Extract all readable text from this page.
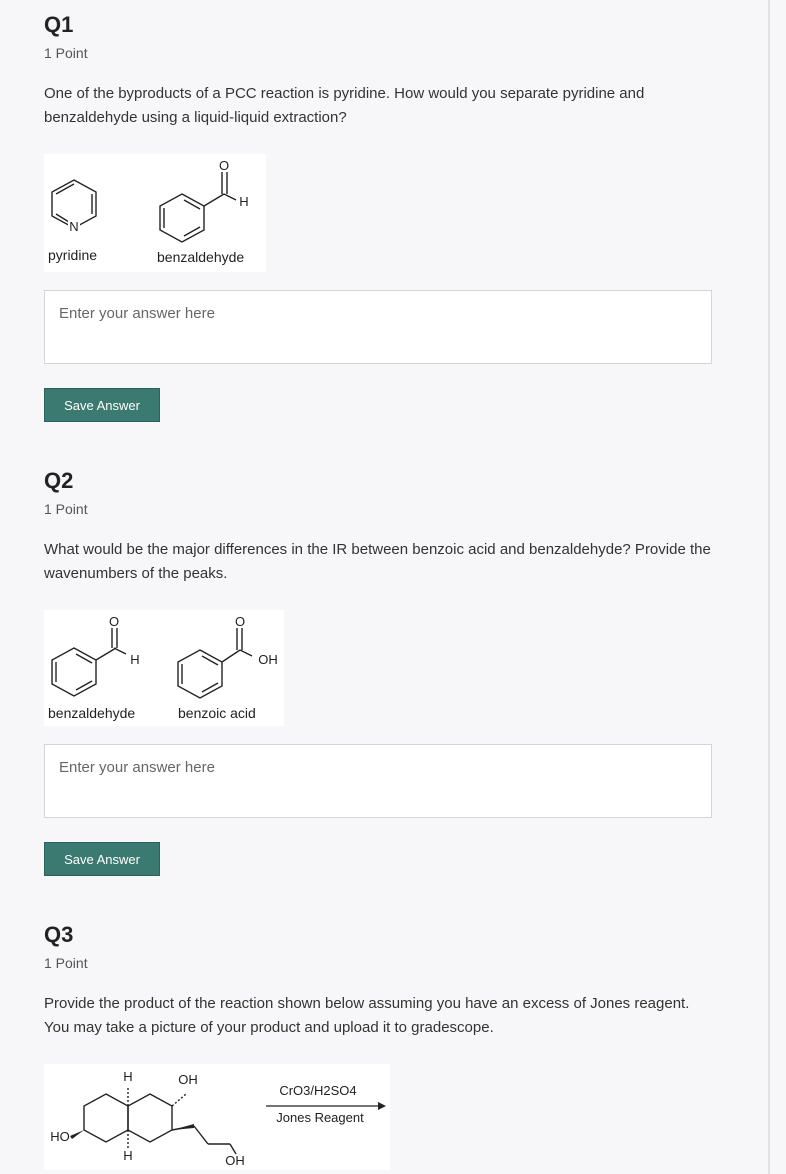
Q1
1 Point
One of the byproducts of a PCC reaction is pyridine. How would you separate pyridine and benzaldehyde using a liquid-liquid extraction?
N
pyridine
O
H
benzaldehyde
Enter your answer here
Save Answer
Q2
1 Point
What would be the major differences in the IR between benzoic acid and benzaldehyde? Provide the wavenumbers of the peaks.
O
H
benzaldehyde
O
OH
benzoic acid
Enter your answer here
Save Answer
Q3
1 Point
Provide the product of the reaction shown below assuming you have an excess of Jones reagent. You may take a picture of your product and upload it to gradescope.
H
H
OH
HO
OH
CrO3/H2SO4
Jones Reagent
